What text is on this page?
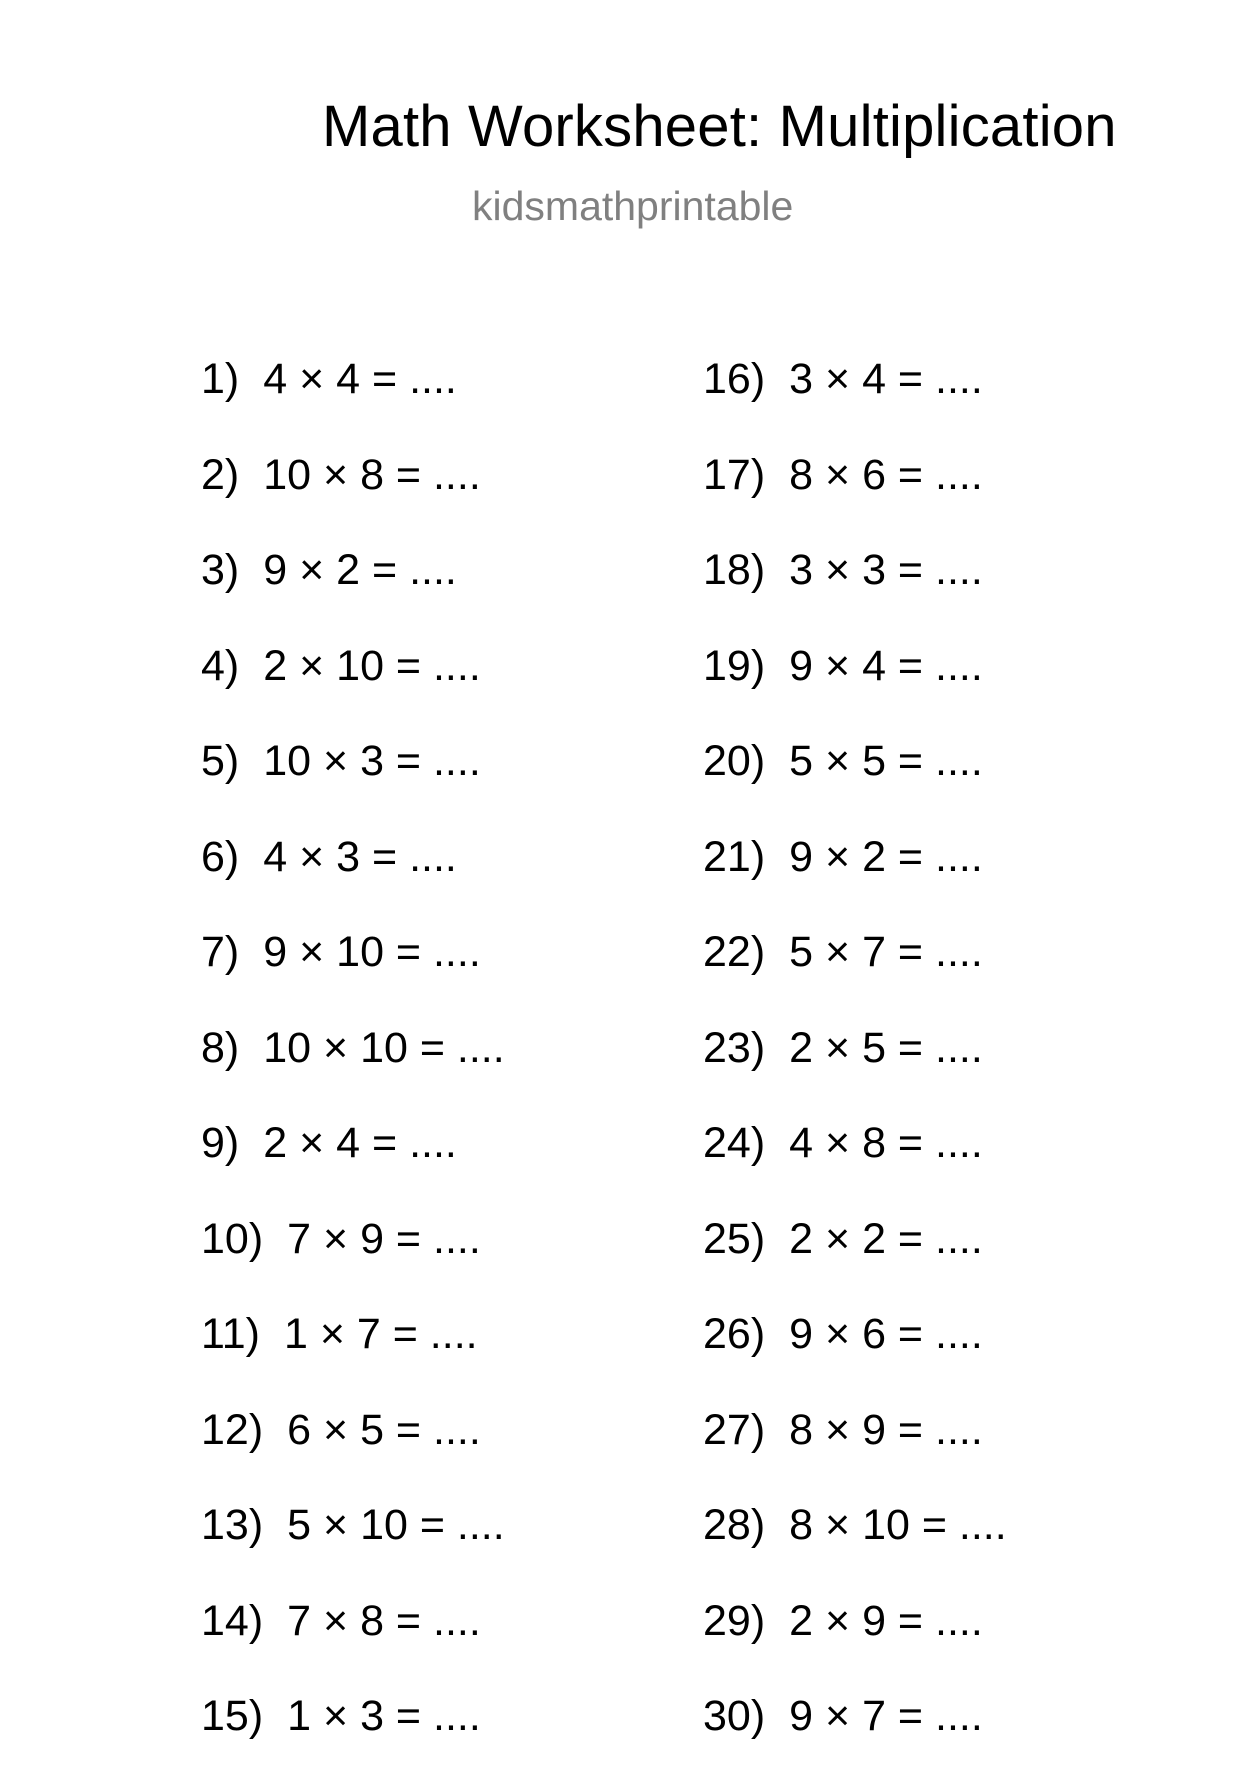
Math Worksheet: Multiplication
kidsmathprintable
1) 4 × 4 = ....
2) 10 × 8 = ....
3) 9 × 2 = ....
4) 2 × 10 = ....
5) 10 × 3 = ....
6) 4 × 3 = ....
7) 9 × 10 = ....
8) 10 × 10 = ....
9) 2 × 4 = ....
10) 7 × 9 = ....
11) 1 × 7 = ....
12) 6 × 5 = ....
13) 5 × 10 = ....
14) 7 × 8 = ....
15) 1 × 3 = ....
16) 3 × 4 = ....
17) 8 × 6 = ....
18) 3 × 3 = ....
19) 9 × 4 = ....
20) 5 × 5 = ....
21) 9 × 2 = ....
22) 5 × 7 = ....
23) 2 × 5 = ....
24) 4 × 8 = ....
25) 2 × 2 = ....
26) 9 × 6 = ....
27) 8 × 9 = ....
28) 8 × 10 = ....
29) 2 × 9 = ....
30) 9 × 7 = ....
